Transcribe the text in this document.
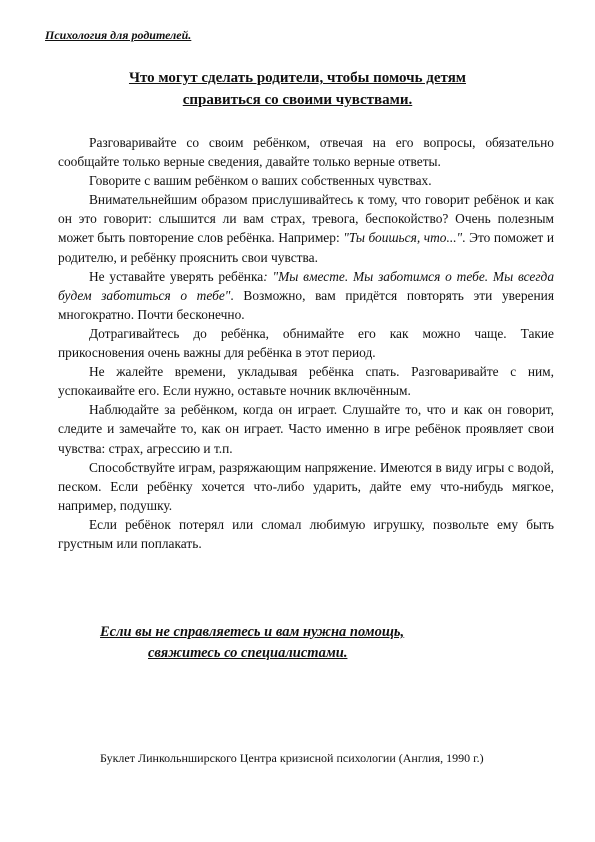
Психология для родителей.
Что могут сделать родители, чтобы помочь детям
справиться со своими чувствами.

Разговаривайте со своим ребёнком, отвечая на его вопросы, обязательно сообщайте только верные сведения, давайте только верные ответы.

Говорите с вашим ребёнком о ваших собственных чувствах.

Внимательнейшим образом прислушивайтесь к тому, что говорит ребёнок и как он это говорит: слышится ли вам страх, тревога, беспокойство? Очень полезным может быть повторение слов ребёнка. Например: "Ты боишься, что...". Это поможет и родителю, и ребёнку прояснить свои чувства.

Не уставайте уверять ребёнка: "Мы вместе. Мы заботимся о тебе. Мы всегда будем заботиться о тебе". Возможно, вам придётся повторять эти уверения многократно. Почти бесконечно.

Дотрагивайтесь до ребёнка, обнимайте его как можно чаще. Такие прикосновения очень важны для ребёнка в этот период.

Не жалейте времени, укладывая ребёнка спать. Разговаривайте с ним, успокаивайте его. Если нужно, оставьте ночник включённым.

Наблюдайте за ребёнком, когда он играет. Слушайте то, что и как он говорит, следите и замечайте то, как он играет. Часто именно в игре ребёнок проявляет свои чувства: страх, агрессию и т.п.

Способствуйте играм, разряжающим напряжение. Имеются в виду игры с водой, песком. Если ребёнку хочется что-либо ударить, дайте ему что-нибудь мягкое, например, подушку.

Если ребёнок потерял или сломал любимую игрушку, позвольте ему быть грустным или поплакать.

Если вы не справляетесь и вам нужна помощь,
свяжитесь со специалистами.
Буклет Линкольнширского Центра кризисной психологии (Англия, 1990 г.)
